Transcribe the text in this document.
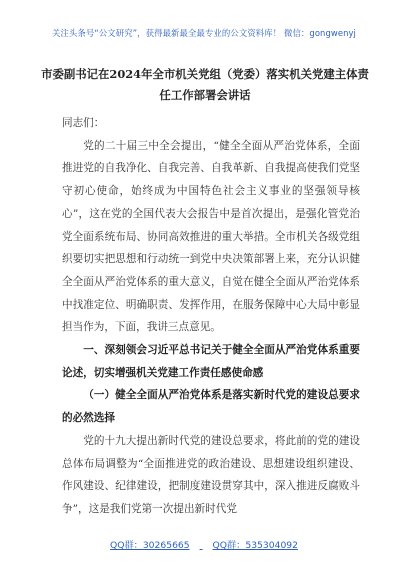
关注头条号“公文研究”，获得最新最全最专业的公文资料库！ 微信：gongwenyj
市委副书记在2024年全市机关党组（党委）落实机关党建主体责任工作部署会讲话

同志们：

党的二十届三中全会提出，“健全全面从严治党体系，全面推进党的自我净化、自我完善、自我革新、自我提高使我们党坚守初心使命，始终成为中国特色社会主义事业的坚强领导核心”，这在党的全国代表大会报告中是首次提出，是强化管党治党全面系统布局、协同高效推进的重大举措。全市机关各级党组织要切实把思想和行动统一到党中央决策部署上来，充分认识健全全面从严治党体系的重大意义，自觉在健全全面从严治党体系中找准定位、明确职责、发挥作用，在服务保障中心大局中彰显担当作为，下面，我讲三点意见。

一、深刻领会习近平总书记关于健全全面从严治党体系重要论述，切实增强机关党建工作责任感使命感

（一）健全全面从严治党体系是落实新时代党的建设总要求的必然选择

党的十九大提出新时代党的建设总要求，将此前的党的建设总体布局调整为“全面推进党的政治建设、思想建设组织建设、作风建设、纪律建设，把制度建设贯穿其中，深入推进反腐败斗争”，这是我们党第一次提出新时代党

QQ群：30265665 QQ群：535304092
